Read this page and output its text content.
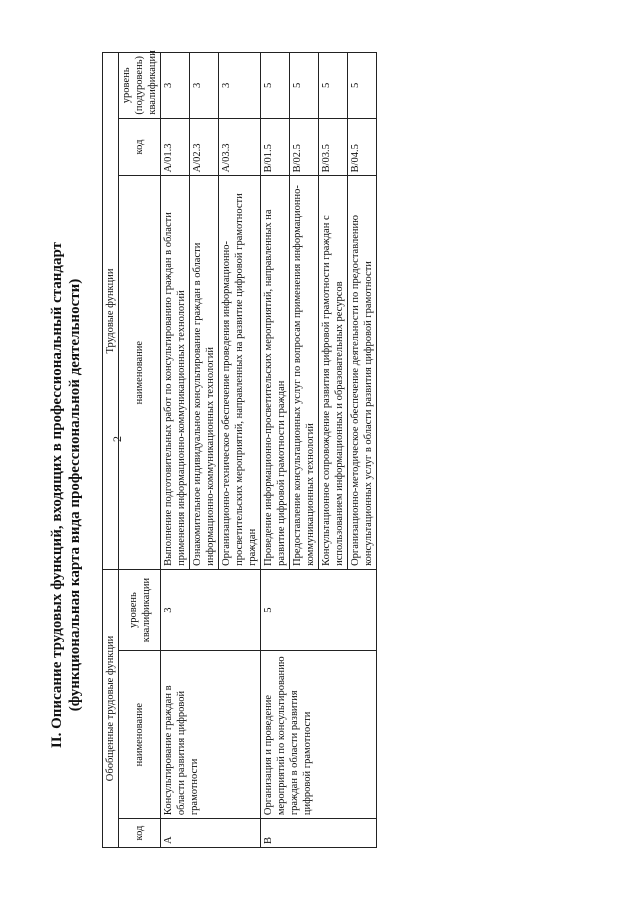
2
II. Описание трудовых функций, входящих в профессиональный стандарт (функциональная карта вида профессиональной деятельности) Обобщенные трудовые функции			Трудовые функции		
код	наименование	уровень квалификации	наименование	код	уровень (подуровень) квалификации
A	Консультирование граждан в области развития цифровой грамотности	3	Выполнение подготовительных работ по консультированию граждан в области применения информационно-коммуникационных технологий	A/01.3	3
			Ознакомительное индивидуальное консультирование граждан в области информационно-коммуникационных технологий	A/02.3	3
			Организационно-техническое обеспечение проведения информационно-просветительских мероприятий, направленных на развитие цифровой грамотности граждан	A/03.3	3
B	Организация и проведение мероприятий по консультированию граждан в области развития цифровой грамотности	5	Проведение информационно-просветительских мероприятий, направленных на развитие цифровой грамотности граждан	B/01.5	5
			Предоставление консультационных услуг по вопросам применения информационно-коммуникационных технологий	B/02.5	5
			Консультационное сопровождение развития цифровой грамотности граждан с использованием информационных и образовательных ресурсов	B/03.5	5
			Организационно-методическое обеспечение деятельности по предоставлению консультационных услуг в области развития цифровой грамотности	B/04.5	5
